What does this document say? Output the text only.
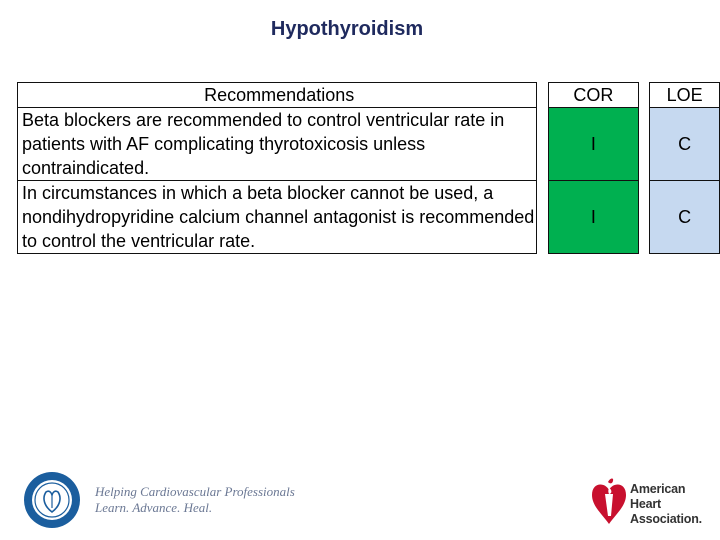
Hypothyroidism
Recommendations		COR		LOE
Beta blockers are recommended to control ventricular rate in patients with AF complicating thyrotoxicosis unless contraindicated.		I		C
In circumstances in which a beta blocker cannot be used, a nondihydropyridine calcium channel antagonist is recommended to control the ventricular rate.		I		C
Helping Cardiovascular Professionals
Learn. Advance. Heal.
American
Heart
Association.
